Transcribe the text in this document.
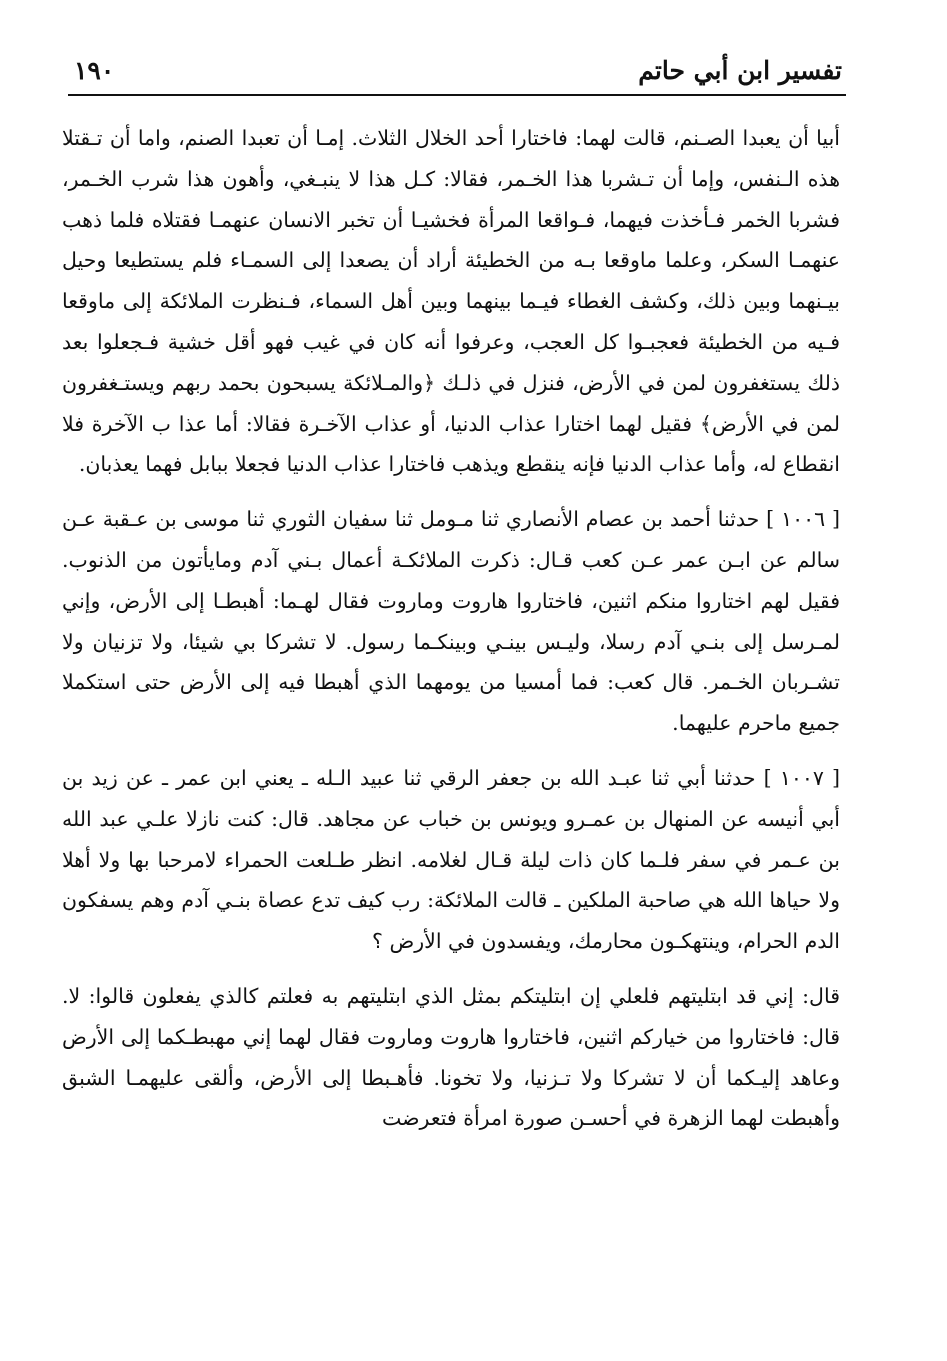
تفسير ابن أبي حاتم
١٩٠

أبيا أن يعبدا الصـنم، قالت لهما: فاختارا أحد الخلال الثلاث. إمـا أن تعبدا الصنم، واما أن تـقتلا هذه الـنفس، وإما أن تـشربا هذا الخـمر، فقالا: كـل هذا لا ينبـغي، وأهون هذا شرب الخـمر، فشربا الخمر فـأخذت فيهما، فـواقعا المرأة فخشيـا أن تخبر الانسان عنهمـا فقتلاه فلما ذهب عنهمـا السكر، وعلما ماوقعا بـه من الخطيئة أراد أن يصعدا إلى السمـاء فلم يستطيعا وحيل بيـنهما وبين ذلك، وكشف الغطاء فيـما بينهما وبين أهل السماء، فـنظرت الملائكة إلى ماوقعا فـيه من الخطيئة فعجبـوا كل العجب، وعرفوا أنه كان في غيب فهو أقل خشية فـجعلوا بعد ذلك يستغفرون لمن في الأرض، فنزل في ذلـك ﴿والمـلائكة يسبحون بحمد ربهم ويستـغفرون لمن في الأرض﴾ فقيل لهما اختارا عذاب الدنيا، أو عذاب الآخـرة فقالا: أما عذا ب الآخرة فلا انقطاع له، وأما عذاب الدنيا فإنه ينقطع ويذهب فاختارا عذاب الدنيا فجعلا ببابل فهما يعذبان.

[ ١٠٠٦ ] حدثنا أحمد بن عصام الأنصاري ثنا مـومل ثنا سفيان الثوري ثنا موسى بن عـقبة عـن سالم عن ابـن عمر عـن كعب قـال: ذكرت الملائكـة أعمال بـني آدم ومايأتون من الذنوب. فقيل لهم اختاروا منكم اثنين، فاختاروا هاروت وماروت فقال لهـما: أهبطـا إلى الأرض، وإني لمـرسل إلى بنـي آدم رسلا، وليـس بينـي وبينكـما رسول. لا تشركا بي شيئا، ولا تزنيان ولا تشـربان الخـمر. قال كعب: فما أمسيا من يومهما الذي أهبطا فيه إلى الأرض حتى استكملا جميع ماحرم عليهما.

[ ١٠٠٧ ] حدثنا أبي ثنا عبـد الله بن جعفر الرقي ثنا عبيد الـله ـ يعني ابن عمر ـ عن زيد بن أبي أنيسه عن المنهال بن عمـرو ويونس بن خباب عن مجاهد. قال: كنت نازلا علـي عبد الله بن عـمر في سفر فلـما كان ذات ليلة قـال لغلامه. انظر طـلعت الحمراء لامرحبا بها ولا أهلا ولا حياها الله هي صاحبة الملكين ـ قالت الملائكة: رب كيف تدع عصاة بنـي آدم وهم يسفكون الدم الحرام، وينتهكـون محارمك، ويفسدون في الأرض ؟

قال: إني قد ابتليتهم فلعلي إن ابتليتكم بمثل الذي ابتليتهم به فعلتم كالذي يفعلون قالوا: لا. قال: فاختاروا من خياركم اثنين، فاختاروا هاروت وماروت فقال لهما إني مهبطـكما إلى الأرض وعاهد إليـكما أن لا تشركا ولا تـزنيا، ولا تخونا. فأهـبطا إلى الأرض، وألقى عليهمـا الشبق وأهبطت لهما الزهرة في أحسـن صورة امرأة فتعرضت
